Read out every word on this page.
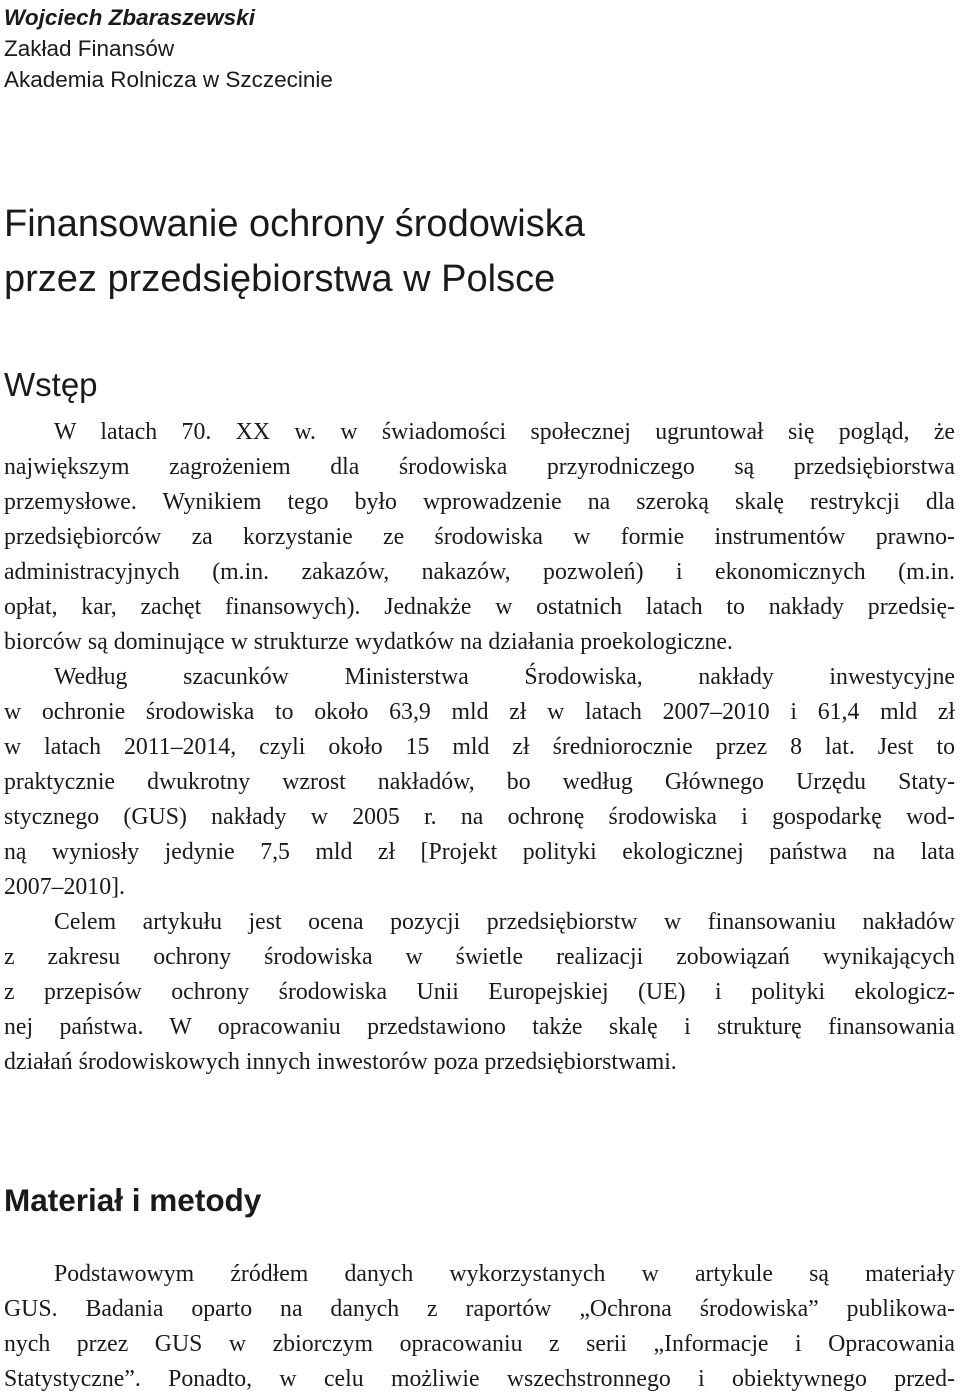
Wojciech Zbaraszewski
Zakład Finansów
Akademia Rolnicza w Szczecinie
Finansowanie ochrony środowiska
przez przedsiębiorstwa w Polsce
Wstęp
W latach 70. XX w. w świadomości społecznej ugruntował się pogląd, że
największym zagrożeniem dla środowiska przyrodniczego są przedsiębiorstwa
przemysłowe. Wynikiem tego było wprowadzenie na szeroką skalę restrykcji dla
przedsiębiorców za korzystanie ze środowiska w formie instrumentów prawno-
administracyjnych (m.in. zakazów, nakazów, pozwoleń) i ekonomicznych (m.in.
opłat, kar, zachęt finansowych). Jednakże w ostatnich latach to nakłady przedsię-
biorców są dominujące w strukturze wydatków na działania proekologiczne.
Według szacunków Ministerstwa Środowiska, nakłady inwestycyjne
w ochronie środowiska to około 63,9 mld zł w latach 2007–2010 i 61,4 mld zł
w latach 2011–2014, czyli około 15 mld zł średniorocznie przez 8 lat. Jest to
praktycznie dwukrotny wzrost nakładów, bo według Głównego Urzędu Staty-
stycznego (GUS) nakłady w 2005 r. na ochronę środowiska i gospodarkę wod-
ną wyniosły jedynie 7,5 mld zł [Projekt polityki ekologicznej państwa na lata
2007–2010].
Celem artykułu jest ocena pozycji przedsiębiorstw w finansowaniu nakładów
z zakresu ochrony środowiska w świetle realizacji zobowiązań wynikających
z przepisów ochrony środowiska Unii Europejskiej (UE) i polityki ekologicz-
nej państwa. W opracowaniu przedstawiono także skalę i strukturę finansowania
działań środowiskowych innych inwestorów poza przedsiębiorstwami.
Materiał i metody
Podstawowym źródłem danych wykorzystanych w artykule są materiały
GUS. Badania oparto na danych z raportów „Ochrona środowiska” publikowa-
nych przez GUS w zbiorczym opracowaniu z serii „Informacje i Opracowania
Statystyczne”. Ponadto, w celu możliwie wszechstronnego i obiektywnego przed-
